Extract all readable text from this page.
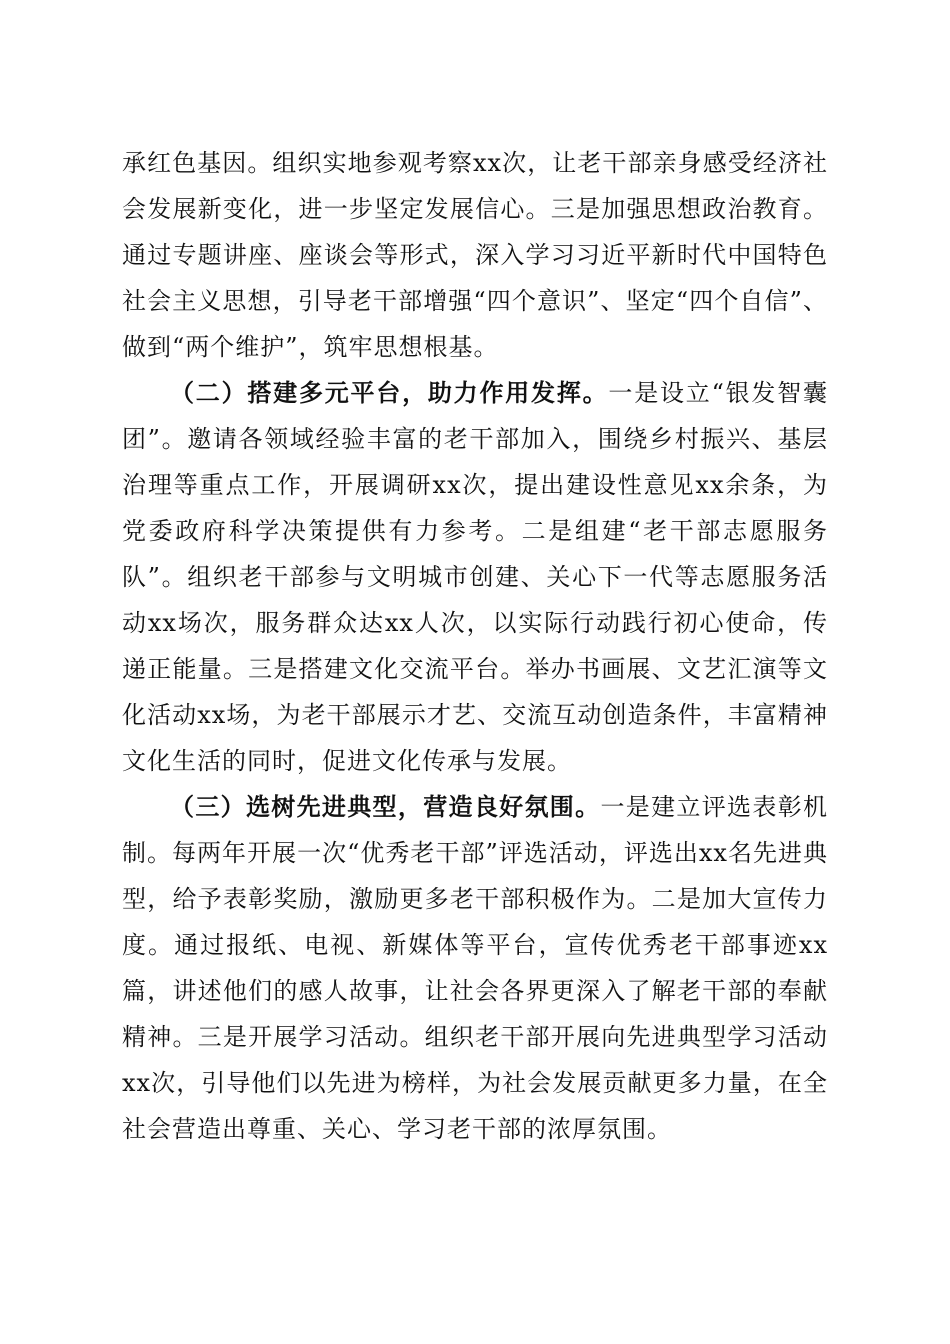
承红色基因。组织实地参观考察xx次，让老干部亲身感受经济社会发展新变化，进一步坚定发展信心。三是加强思想政治教育。通过专题讲座、座谈会等形式，深入学习习近平新时代中国特色社会主义思想，引导老干部增强“四个意识”、坚定“四个自信”、做到“两个维护”，筑牢思想根基。

（二）搭建多元平台，助力作用发挥。一是设立“银发智囊团”。邀请各领域经验丰富的老干部加入，围绕乡村振兴、基层治理等重点工作，开展调研xx次，提出建设性意见xx余条，为党委政府科学决策提供有力参考。二是组建“老干部志愿服务队”。组织老干部参与文明城市创建、关心下一代等志愿服务活动xx场次，服务群众达xx人次，以实际行动践行初心使命，传递正能量。三是搭建文化交流平台。举办书画展、文艺汇演等文化活动xx场，为老干部展示才艺、交流互动创造条件，丰富精神文化生活的同时，促进文化传承与发展。

（三）选树先进典型，营造良好氛围。一是建立评选表彰机制。每两年开展一次“优秀老干部”评选活动，评选出xx名先进典型，给予表彰奖励，激励更多老干部积极作为。二是加大宣传力度。通过报纸、电视、新媒体等平台，宣传优秀老干部事迹xx篇，讲述他们的感人故事，让社会各界更深入了解老干部的奉献精神。三是开展学习活动。组织老干部开展向先进典型学习活动xx次，引导他们以先进为榜样，为社会发展贡献更多力量，在全社会营造出尊重、关心、学习老干部的浓厚氛围。
